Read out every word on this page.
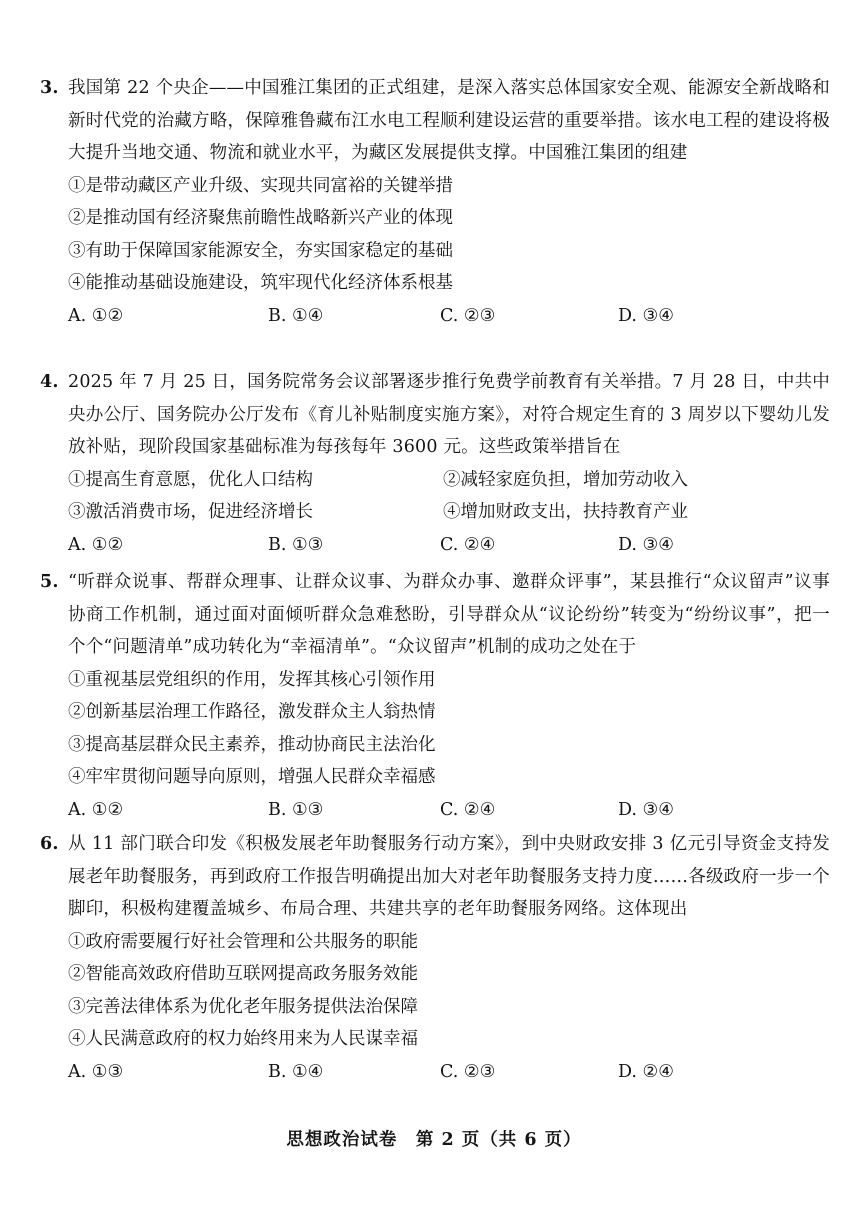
3. 我国第 22 个央企——中国雅江集团的正式组建，是深入落实总体国家安全观、能源安全新战略和新时代党的治藏方略，保障雅鲁藏布江水电工程顺利建设运营的重要举措。该水电工程的建设将极大提升当地交通、物流和就业水平，为藏区发展提供支撑。中国雅江集团的组建

①是带动藏区产业升级、实现共同富裕的关键举措

②是推动国有经济聚焦前瞻性战略新兴产业的体现

③有助于保障国家能源安全，夯实国家稳定的基础

④能推动基础设施建设，筑牢现代化经济体系根基

A. ①②	B. ①④	C. ②③	D. ③④

4. 2025 年 7 月 25 日，国务院常务会议部署逐步推行免费学前教育有关举措。7 月 28 日，中共中央办公厅、国务院办公厅发布《育儿补贴制度实施方案》，对符合规定生育的 3 周岁以下婴幼儿发放补贴，现阶段国家基础标准为每孩每年 3600 元。这些政策举措旨在

①提高生育意愿，优化人口结构	②减轻家庭负担，增加劳动收入
③激活消费市场，促进经济增长	④增加财政支出，扶持教育产业
A. ①②	B. ①③	C. ②④	D. ③④

5. “听群众说事、帮群众理事、让群众议事、为群众办事、邀群众评事”，某县推行“众议留声”议事协商工作机制，通过面对面倾听群众急难愁盼，引导群众从“议论纷纷”转变为“纷纷议事”，把一个个“问题清单”成功转化为“幸福清单”。“众议留声”机制的成功之处在于

①重视基层党组织的作用，发挥其核心引领作用

②创新基层治理工作路径，激发群众主人翁热情

③提高基层群众民主素养，推动协商民主法治化

④牢牢贯彻问题导向原则，增强人民群众幸福感

A. ①②	B. ①③	C. ②④	D. ③④

6. 从 11 部门联合印发《积极发展老年助餐服务行动方案》，到中央财政安排 3 亿元引导资金支持发展老年助餐服务，再到政府工作报告明确提出加大对老年助餐服务支持力度……各级政府一步一个脚印，积极构建覆盖城乡、布局合理、共建共享的老年助餐服务网络。这体现出

①政府需要履行好社会管理和公共服务的职能

②智能高效政府借助互联网提高政务服务效能

③完善法律体系为优化老年服务提供法治保障

④人民满意政府的权力始终用来为人民谋幸福

A. ①③	B. ①④	C. ②③	D. ②④
思想政治试卷　第 2 页（共 6 页）
